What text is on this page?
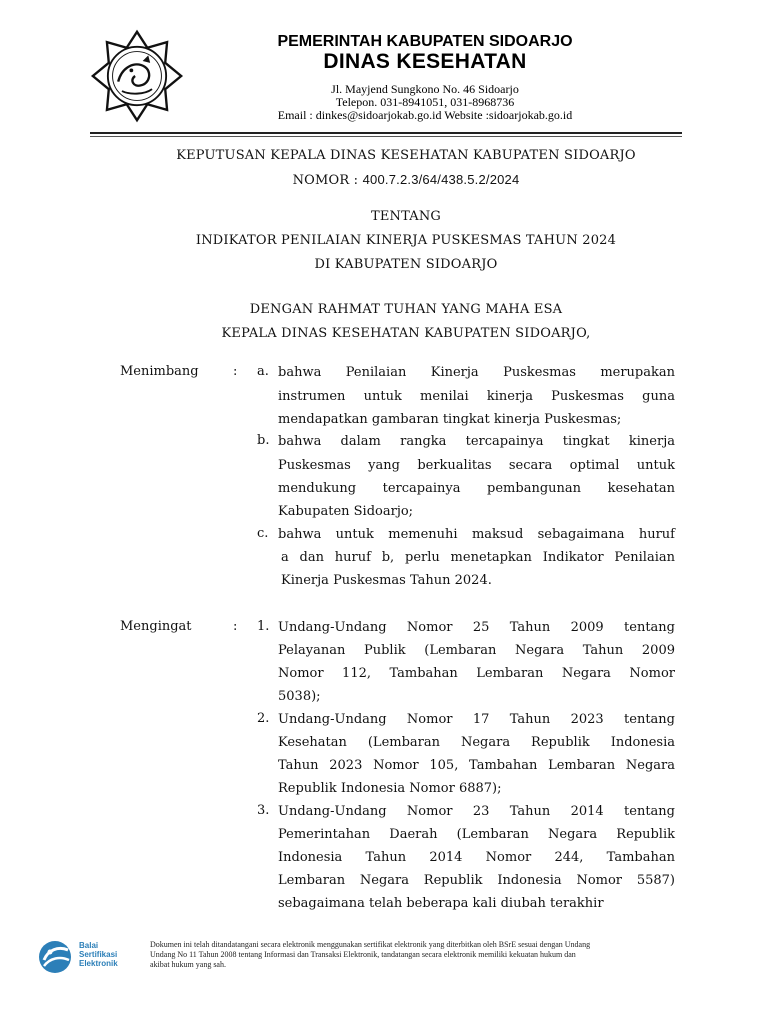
PEMERINTAH KABUPATEN SIDOARJO
DINAS KESEHATAN
Jl. Mayjend Sungkono No. 46 Sidoarjo
Telepon. 031-8941051, 031-8968736
Email : dinkes@sidoarjokab.go.id Website :sidoarjokab.go.id
KEPUTUSAN KEPALA DINAS KESEHATAN KABUPATEN SIDOARJO
NOMOR : 400.7.2.3/64/438.5.2/2024
TENTANG
INDIKATOR PENILAIAN KINERJA PUSKESMAS TAHUN 2024
DI KABUPATEN SIDOARJO
DENGAN RAHMAT TUHAN YANG MAHA ESA
KEPALA DINAS KESEHATAN KABUPATEN SIDOARJO,
Menimbang	: a. bahwa Penilaian Kinerja Puskesmas merupakan
instrumen untuk menilai kinerja Puskesmas guna
mendapatkan gambaran tingkat kinerja Puskesmas;
b. bahwa dalam rangka tercapainya tingkat kinerja
Puskesmas yang berkualitas secara optimal untuk
mendukung tercapainya pembangunan kesehatan
Kabupaten Sidoarjo;
c. bahwa untuk memenuhi maksud sebagaimana huruf
a dan huruf b, perlu menetapkan Indikator Penilaian
Kinerja Puskesmas Tahun 2024.
Mengingat	: 1. Undang-Undang Nomor 25 Tahun 2009 tentang
Pelayanan Publik (Lembaran Negara Tahun 2009
Nomor 112, Tambahan Lembaran Negara Nomor
5038);
2. Undang-Undang Nomor 17 Tahun 2023 tentang
Kesehatan (Lembaran Negara Republik Indonesia
Tahun 2023 Nomor 105, Tambahan Lembaran Negara
Republik Indonesia Nomor 6887);
3. Undang-Undang Nomor 23 Tahun 2014 tentang
Pemerintahan Daerah (Lembaran Negara Republik
Indonesia Tahun 2014 Nomor 244, Tambahan
Lembaran Negara Republik Indonesia Nomor 5587)
sebagaimana telah beberapa kali diubah terakhir
Balai
Sertifikasi
Elektronik
Dokumen ini telah ditandatangani secara elektronik menggunakan sertifikat elektronik yang diterbitkan oleh BSrE sesuai dengan Undang
Undang No 11 Tahun 2008 tentang Informasi dan Transaksi Elektronik, tandatangan secara elektronik memiliki kekuatan hukum dan
akibat hukum yang sah.
